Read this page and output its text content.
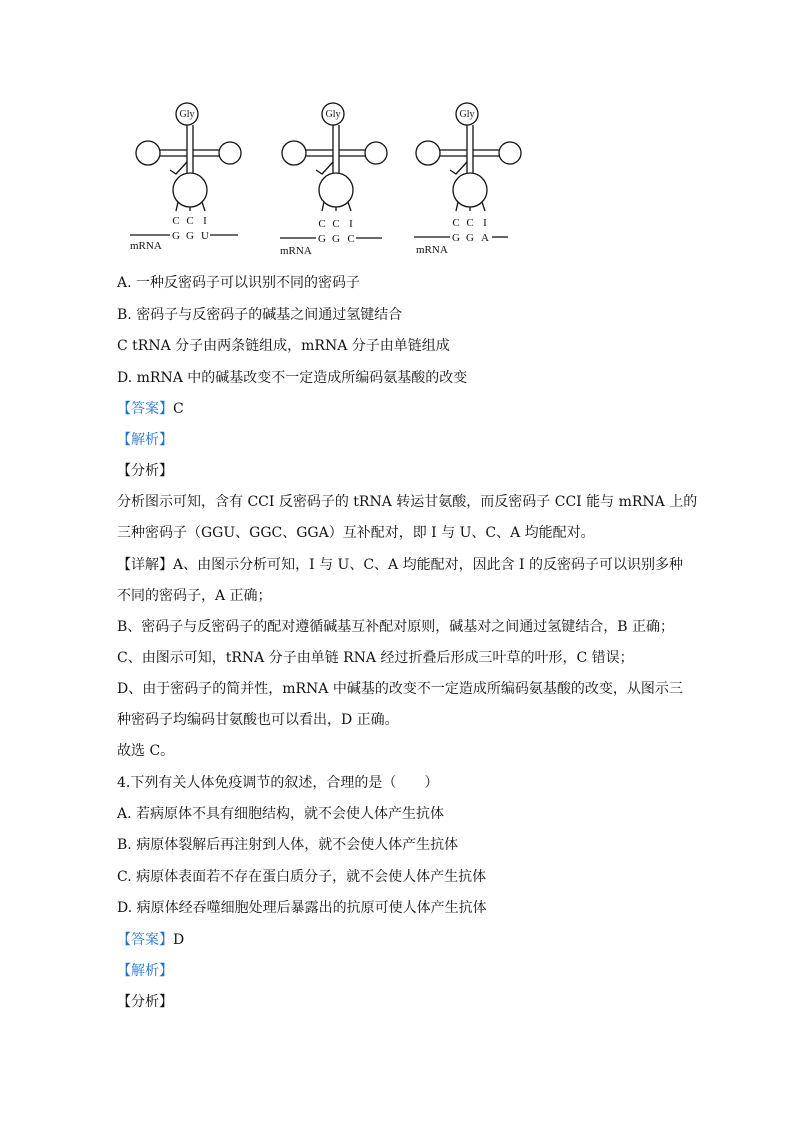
Gly
C C I
G G U
mRNA
Gly
C C I
G G C
mRNA
Gly
C C I
G G A
mRNA
A. 一种反密码子可以识别不同的密码子
B. 密码子与反密码子的碱基之间通过氢键结合
C tRNA 分子由两条链组成，mRNA 分子由单链组成
D. mRNA 中的碱基改变不一定造成所编码氨基酸的改变
【答案】C
【解析】
【分析】
分析图示可知，含有 CCI 反密码子的 tRNA 转运甘氨酸，而反密码子 CCI 能与 mRNA 上的
三种密码子（GGU、GGC、GGA）互补配对，即 I 与 U、C、A 均能配对。
【详解】A、由图示分析可知，I 与 U、C、A 均能配对，因此含 I 的反密码子可以识别多种
不同的密码子，A 正确；
B、密码子与反密码子的配对遵循碱基互补配对原则，碱基对之间通过氢键结合，B 正确；
C、由图示可知，tRNA 分子由单链 RNA 经过折叠后形成三叶草的叶形，C 错误；
D、由于密码子的简并性，mRNA 中碱基的改变不一定造成所编码氨基酸的改变，从图示三
种密码子均编码甘氨酸也可以看出，D 正确。
故选 C。
4.下列有关人体免疫调节的叙述，合理的是（　　）
A. 若病原体不具有细胞结构，就不会使人体产生抗体
B. 病原体裂解后再注射到人体，就不会使人体产生抗体
C. 病原体表面若不存在蛋白质分子，就不会使人体产生抗体
D. 病原体经吞噬细胞处理后暴露出的抗原可使人体产生抗体
【答案】D
【解析】
【分析】
